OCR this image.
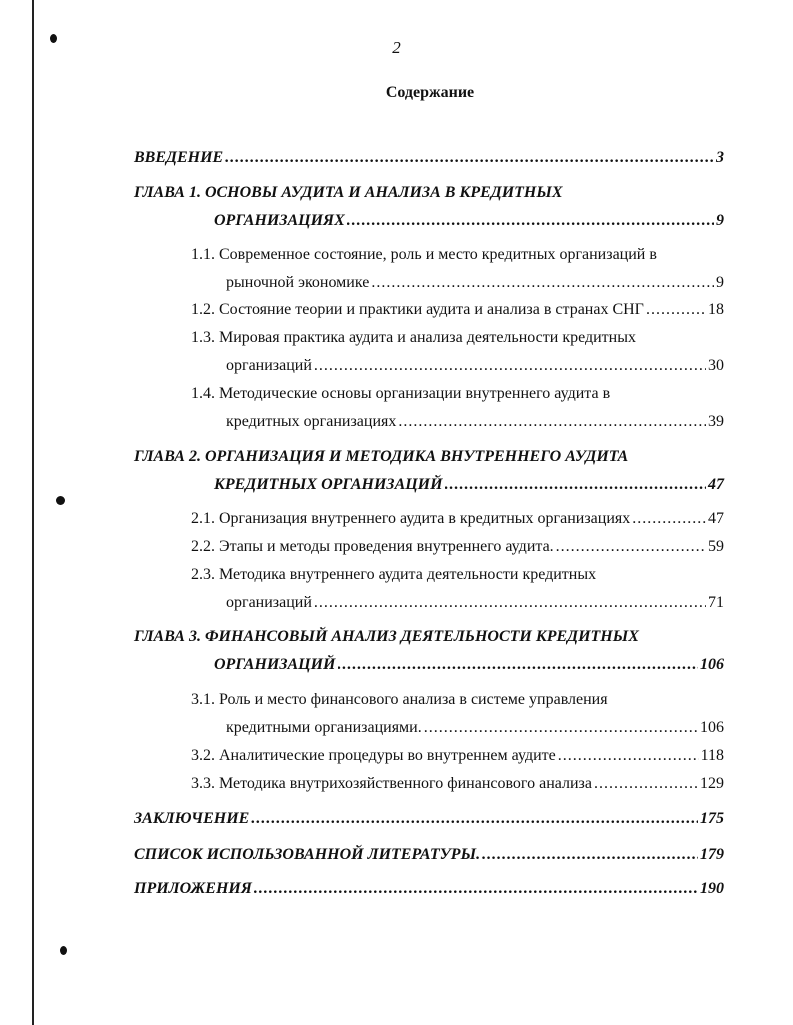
2
Содержание
ВВЕДЕНИЕ .....	3
ГЛАВА 1. ОСНОВЫ АУДИТА И АНАЛИЗА В КРЕДИТНЫХ
ОРГАНИЗАЦИЯХ .....	9
1.1. Современное состояние, роль и место кредитных организаций в
рыночной экономике .....	9
1.2. Состояние теории и практики аудита и анализа в странах СНГ .....	18
1.3. Мировая практика аудита и анализа деятельности кредитных
организаций .....	30
1.4. Методические основы организации внутреннего аудита в
кредитных организациях .....	39
ГЛАВА 2. ОРГАНИЗАЦИЯ И МЕТОДИКА ВНУТРЕННЕГО АУДИТА
КРЕДИТНЫХ ОРГАНИЗАЦИЙ .....	47
2.1. Организация внутреннего аудита в кредитных организациях .....	47
2.2. Этапы и методы проведения внутреннего аудита. .....	59
2.3. Методика внутреннего аудита деятельности кредитных
организаций .....	71
ГЛАВА 3. ФИНАНСОВЫЙ АНАЛИЗ ДЕЯТЕЛЬНОСТИ КРЕДИТНЫХ
ОРГАНИЗАЦИЙ .....	106
3.1. Роль и место финансового анализа в системе управления
кредитными организациями. .....	106
3.2. Аналитические процедуры во внутреннем аудите .....	118
3.3. Методика внутрихозяйственного финансового анализа .....	129
ЗАКЛЮЧЕНИЕ .....	175
СПИСОК ИСПОЛЬЗОВАННОЙ ЛИТЕРАТУРЫ. .....	179
ПРИЛОЖЕНИЯ .....	190
